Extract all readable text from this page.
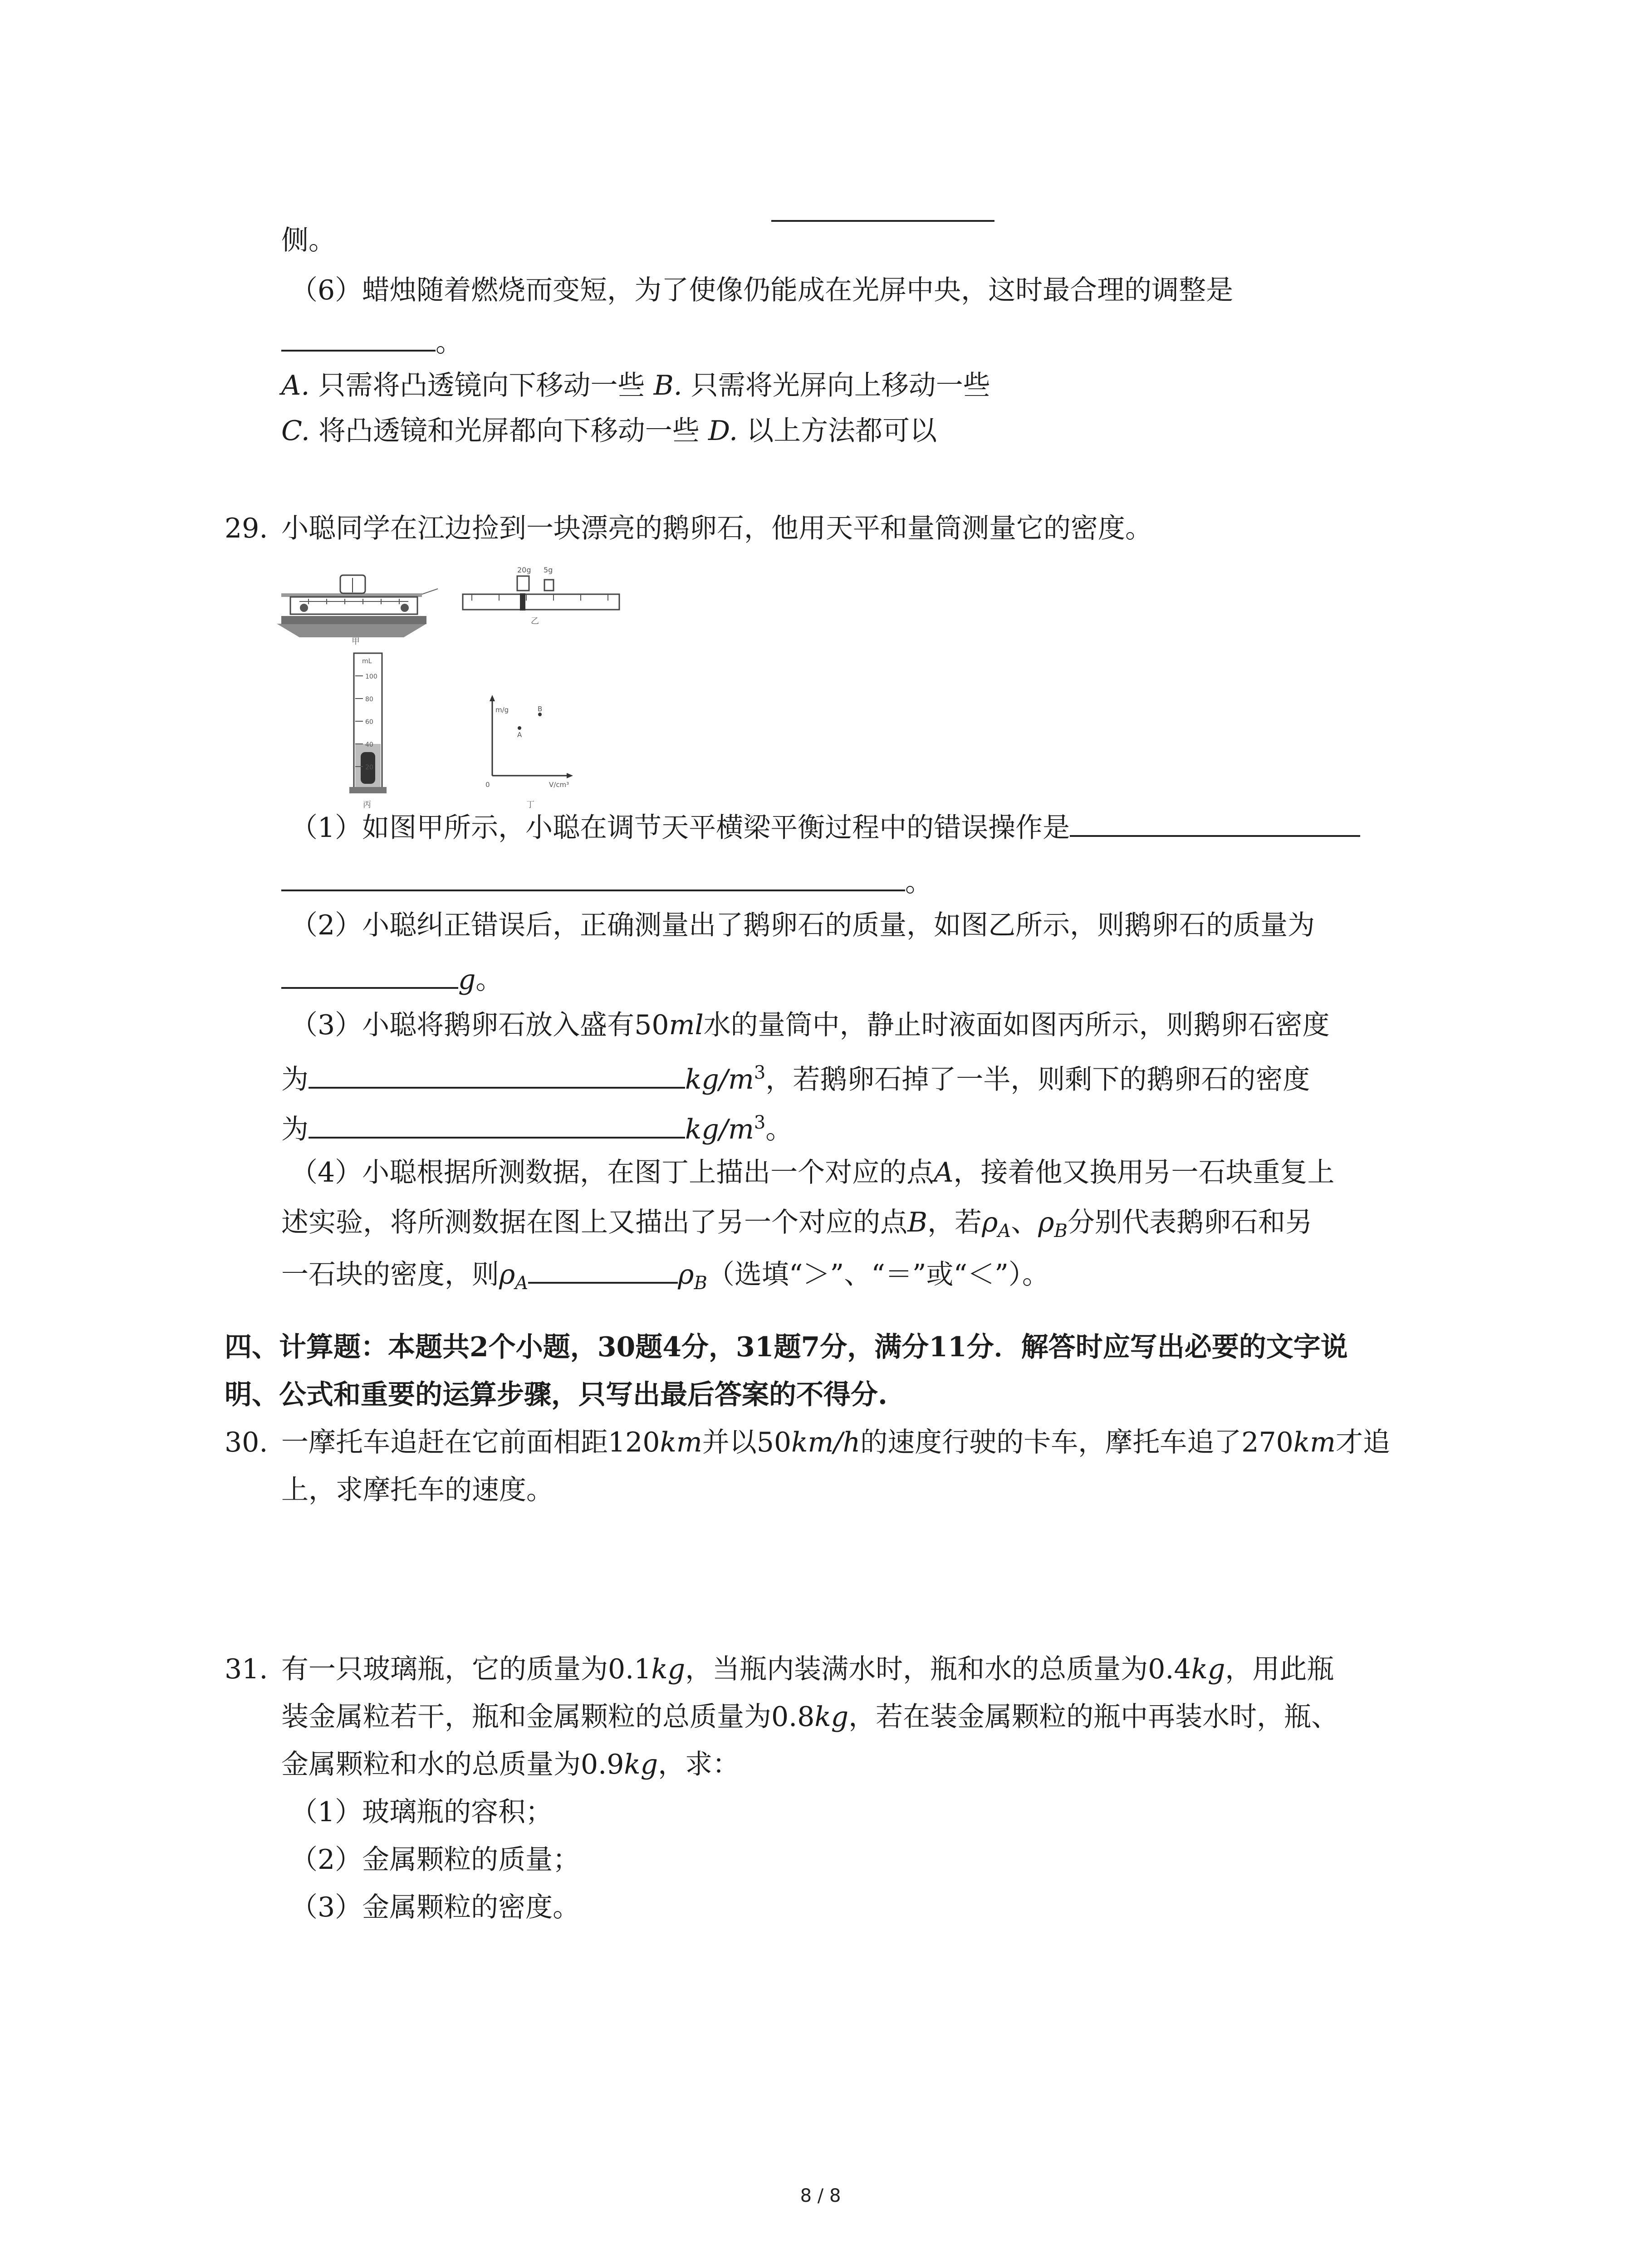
侧。
（6）蜡烛随着燃烧而变短，为了使像仍能成在光屏中央，这时最合理的调整是
。
A. 只需将凸透镜向下移动一些 B. 只需将光屏向上移动一些
C. 将凸透镜和光屏都向下移动一些 D. 以上方法都可以
29. 小聪同学在江边捡到一块漂亮的鹅卵石，他用天平和量筒测量它的密度。
甲
20g 5g
乙
mL
100
80
60
40
20
丙
m/g
V/cm³
0
A
B
丁
（1）如图甲所示，小聪在调节天平横梁平衡过程中的错误操作是
。
（2）小聪纠正错误后，正确测量出了鹅卵石的质量，如图乙所示，则鹅卵石的质量为
g。
（3）小聪将鹅卵石放入盛有50ml水的量筒中，静止时液面如图丙所示，则鹅卵石密度
为	$kg/m^3$，若鹅卵石掉了一半，则剩下的鹅卵石的密度
为	$kg/m^3$。
（4）小聪根据所测数据，在图丁上描出一个对应的点A，接着他又换用另一石块重复上
述实验，将所测数据在图上又描出了另一个对应的点B，若$\rho_A$、$\rho_B$分别代表鹅卵石和另
一石块的密度，则$\rho_A$	$\rho_B$（选填“＞”、“＝”或“＜”）。
四、计算题：本题共2个小题，30题4分，31题7分，满分11分．解答时应写出必要的文字说
明、公式和重要的运算步骤，只写出最后答案的不得分.
30. 一摩托车追赶在它前面相距120km并以50km/h的速度行驶的卡车，摩托车追了270km才追
上，求摩托车的速度。
31. 有一只玻璃瓶，它的质量为0.1kg，当瓶内装满水时，瓶和水的总质量为0.4kg，用此瓶
装金属粒若干，瓶和金属颗粒的总质量为0.8kg，若在装金属颗粒的瓶中再装水时，瓶、
金属颗粒和水的总质量为0.9kg，求：
（1）玻璃瓶的容积；
（2）金属颗粒的质量；
（3）金属颗粒的密度。
8 / 8
